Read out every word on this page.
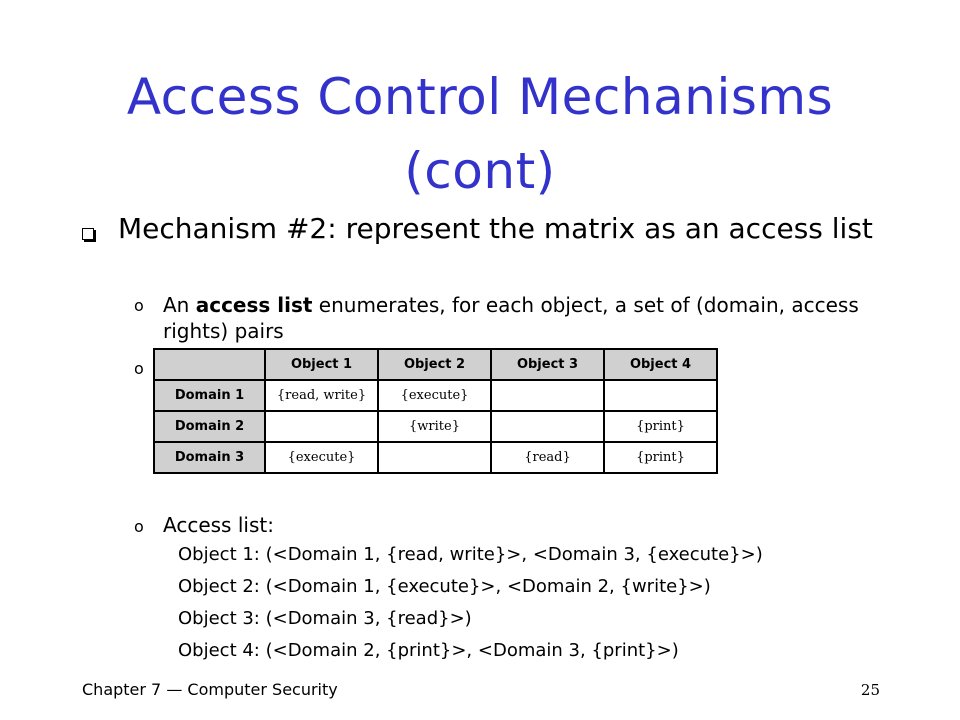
Access Control Mechanisms
(cont)
Mechanism #2: represent the matrix as an access list
o An access list enumerates, for each object, a set of (domain, access rights) pairs
o
		Object 1	Object 2	Object 3	Object 4
Domain 1	{read, write}	{execute}		
Domain 2		{write}		{print}
Domain 3	{execute}		{read}	{print}
o Access list:
Object 1: (<Domain 1, {read, write}>, <Domain 3, {execute}>)
Object 2: (<Domain 1, {execute}>, <Domain 2, {write}>)
Object 3: (<Domain 3, {read}>)
Object 4: (<Domain 2, {print}>, <Domain 3, {print}>)
Chapter 7 — Computer Security	25
